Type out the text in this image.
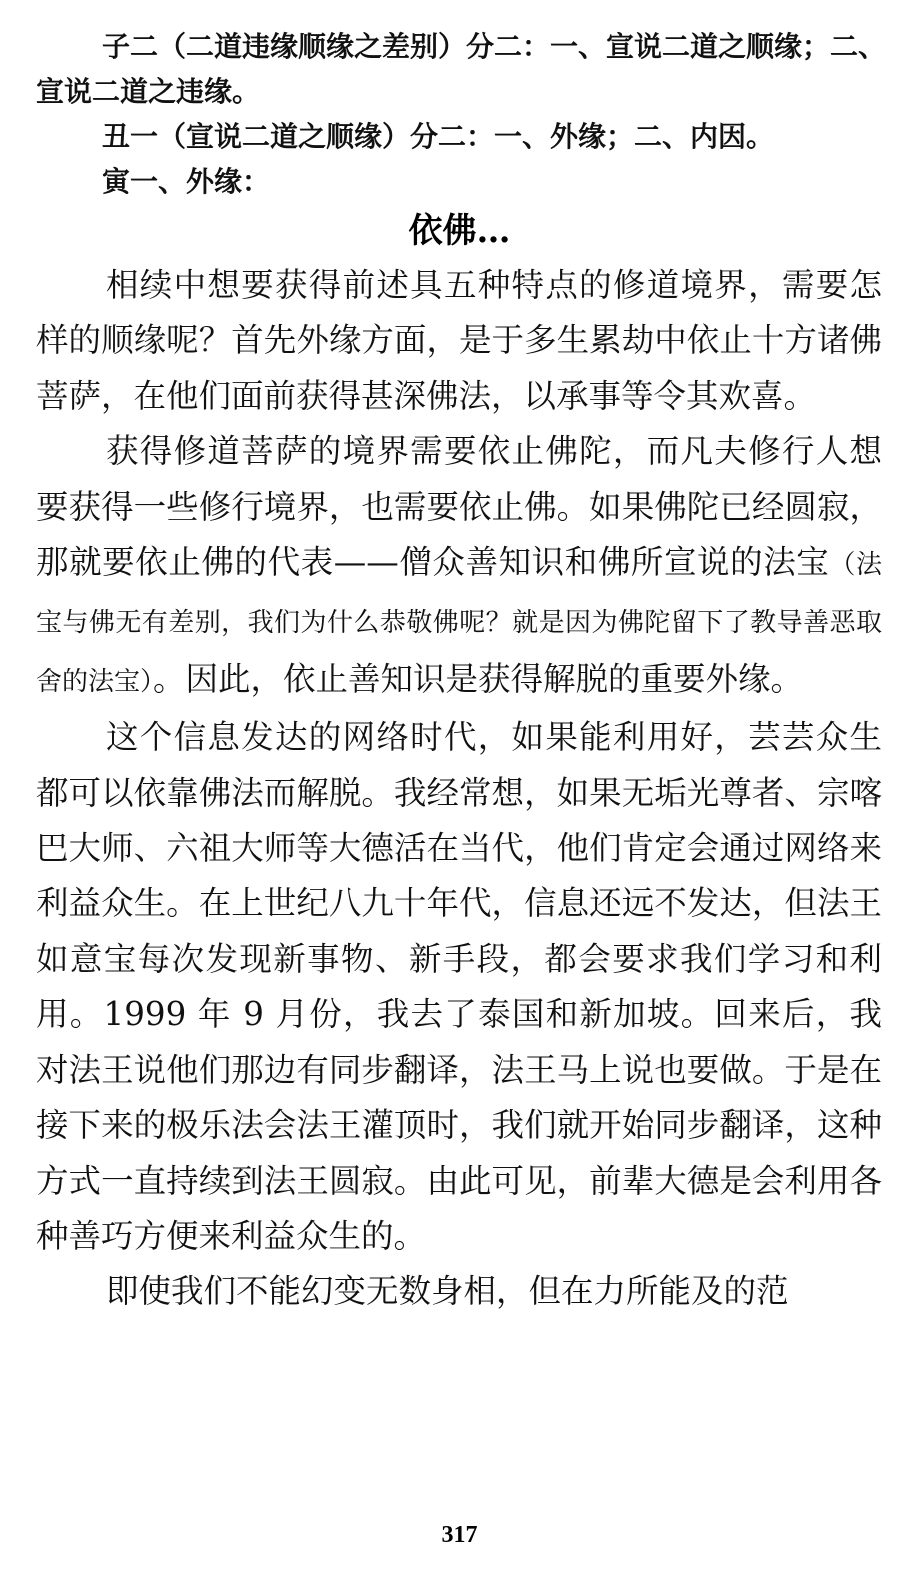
子二（二道违缘顺缘之差别）分二：一、宣说二道之顺缘；二、宣说二道之违缘。

丑一（宣说二道之顺缘）分二：一、外缘；二、内因。

寅一、外缘：

依佛…

相续中想要获得前述具五种特点的修道境界，需要怎样的顺缘呢？首先外缘方面，是于多生累劫中依止十方诸佛菩萨，在他们面前获得甚深佛法，以承事等令其欢喜。

获得修道菩萨的境界需要依止佛陀，而凡夫修行人想要获得一些修行境界，也需要依止佛。如果佛陀已经圆寂，那就要依止佛的代表——僧众善知识和佛所宣说的法宝（法宝与佛无有差别，我们为什么恭敬佛呢？就是因为佛陀留下了教导善恶取舍的法宝）。因此，依止善知识是获得解脱的重要外缘。

这个信息发达的网络时代，如果能利用好，芸芸众生都可以依靠佛法而解脱。我经常想，如果无垢光尊者、宗喀巴大师、六祖大师等大德活在当代，他们肯定会通过网络来利益众生。在上世纪八九十年代，信息还远不发达，但法王如意宝每次发现新事物、新手段，都会要求我们学习和利用。1999 年 9 月份，我去了泰国和新加坡。回来后，我对法王说他们那边有同步翻译，法王马上说也要做。于是在接下来的极乐法会法王灌顶时，我们就开始同步翻译，这种方式一直持续到法王圆寂。由此可见，前辈大德是会利用各种善巧方便来利益众生的。

即使我们不能幻变无数身相，但在力所能及的范

317
